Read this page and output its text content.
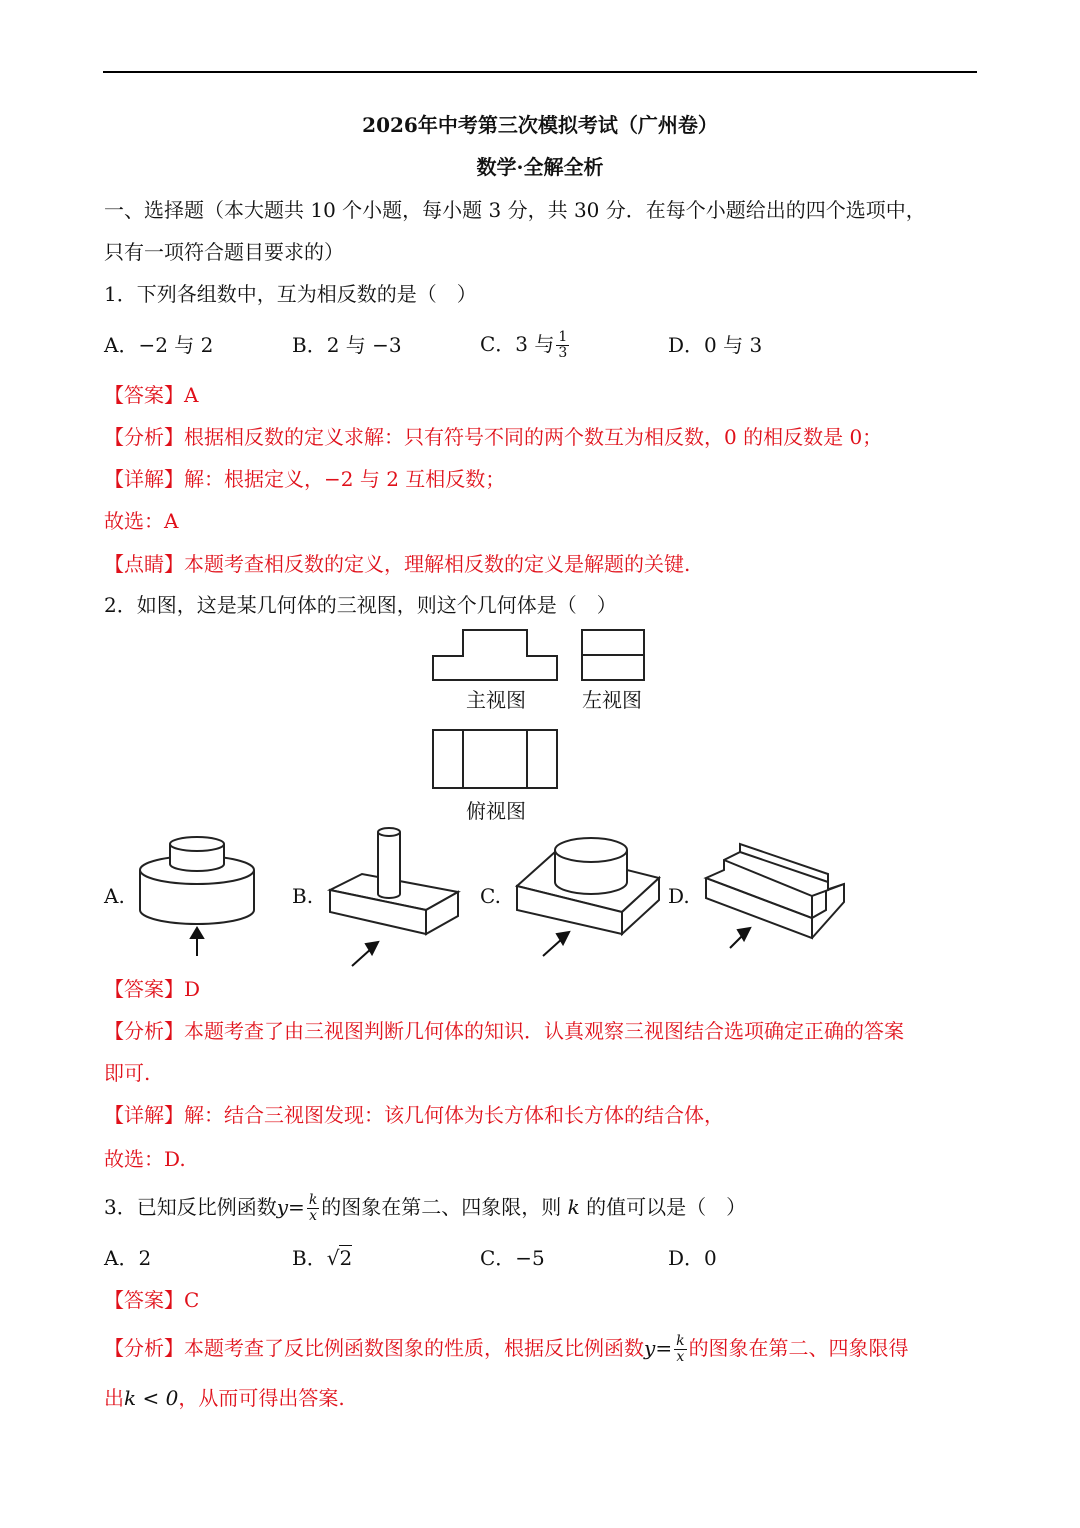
2026年中考第三次模拟考试（广州卷）
数学·全解全析
一、选择题（本大题共 10 个小题，每小题 3 分，共 30 分．在每个小题给出的四个选项中，
只有一项符合题目要求的）
1．下列各组数中，互为相反数的是（　）
A．−2 与 2	B．2 与 −3	C．3 与 $\frac{1}{3}$	D．0 与 3
【答案】A
【分析】根据相反数的定义求解：只有符号不同的两个数互为相反数，0 的相反数是 0；
【详解】解：根据定义，−2 与 2 互相反数；
故选：A
【点睛】本题考查相反数的定义，理解相反数的定义是解题的关键.
2．如图，这是某几何体的三视图，则这个几何体是（　）
主视图	左视图
俯视图
A.	B.	C.	D.
【答案】D
【分析】本题考查了由三视图判断几何体的知识．认真观察三视图结合选项确定正确的答案
即可.
【详解】解：结合三视图发现：该几何体为长方体和长方体的结合体，
故选：D.
3．已知反比例函数$y= \frac{k}{x}$ 的图象在第二、四象限，则 k 的值可以是（　）
A．2	B．√2	C．−5	D．0
【答案】C
【分析】本题考查了反比例函数图象的性质，根据反比例函数$y= \frac{k}{x}$ 的图象在第二、四象限得
出k < 0，从而可得出答案.
